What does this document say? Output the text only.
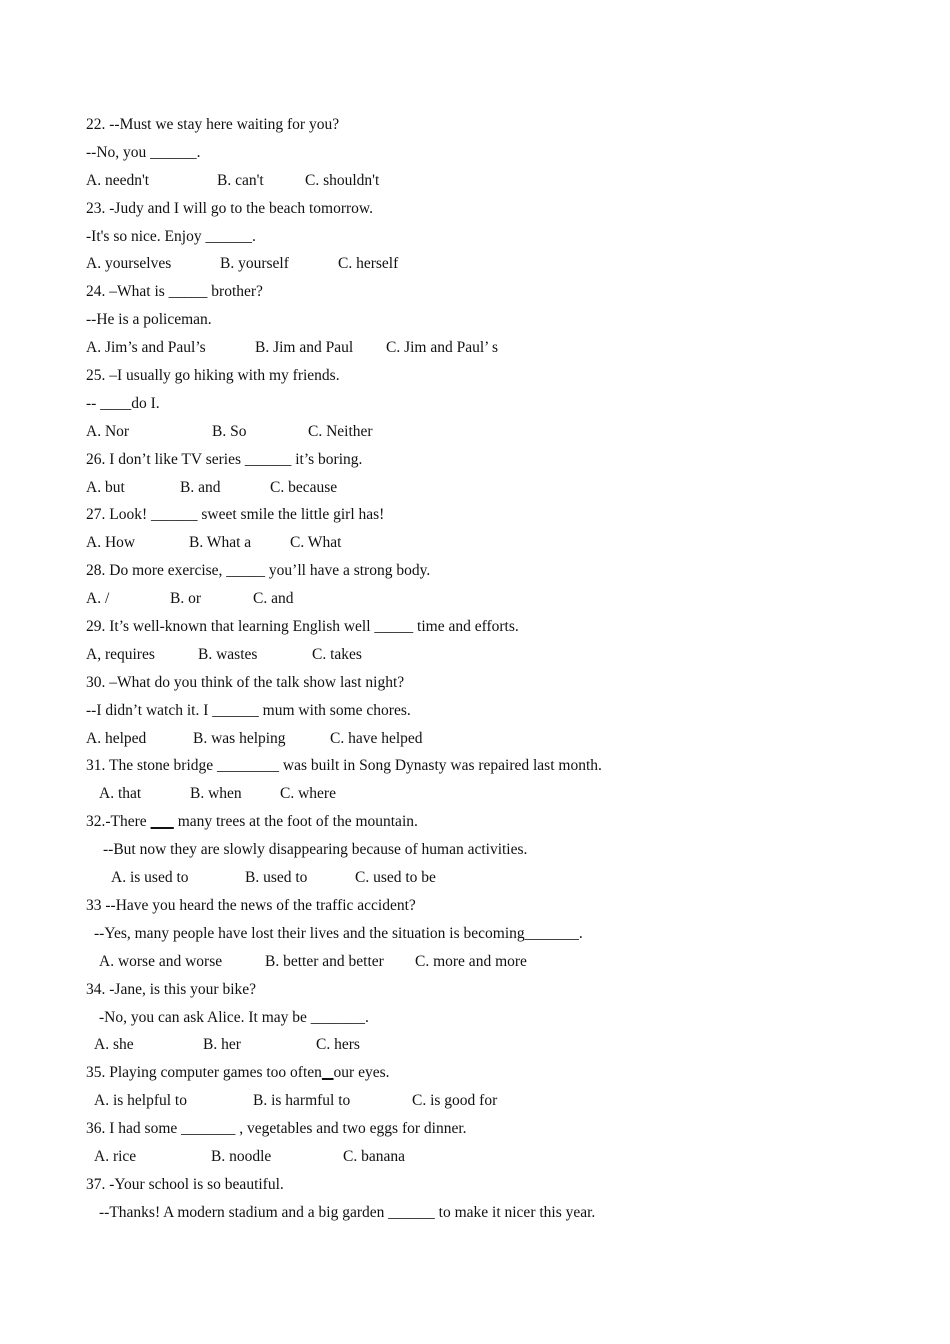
22. --Must we stay here waiting for you?
--No, you ______.
A. needn't	B. can't	C. shouldn't
23. -Judy and I will go to the beach tomorrow.
-It's so nice. Enjoy ______.
A. yourselves	B. yourself	C. herself
24. –What is _____ brother?
--He is a policeman.
A. Jim’s and Paul’s	B. Jim and Paul C. Jim and Paul’ s
25. –I usually go hiking with my friends.
-- ____do I.
A. Nor	B. So	C. Neither
26. I don’t like TV series ______ it’s boring.
A. but	B. and	C. because
27. Look! ______ sweet smile the little girl has!
A. How	B. What a	C. What
28. Do more exercise, _____ you’ll have a strong body.
A. /	B. or	C. and
29. It’s well-known that learning English well _____ time and efforts.
A, requires	B. wastes	C. takes
30. –What do you think of the talk show last night?
--I didn’t watch it. I ______ mum with some chores.
A. helped	B. was helping	C. have helped
31. The stone bridge ________ was built in Song Dynasty was repaired last month.
A. that	B. when C. where
32.-There        many trees at the foot of the mountain.
--But now they are slowly disappearing because of human activities.
A. is used to	B. used to	C. used to be
33 --Have you heard the news of the traffic accident?
--Yes, many people have lost their lives and the situation is becoming_______.
A. worse and worse	B. better and better C. more and more
34. -Jane, is this your bike?
-No, you can ask Alice. It may be _______.
A. she	B. her	C. hers
35. Playing computer games too often our eyes.
A. is helpful to	B. is harmful to	C. is good for
36. I had some _______ , vegetables and two eggs for dinner.
A. rice	B. noodle	C. banana
37. -Your school is so beautiful.
--Thanks! A modern stadium and a big garden ______ to make it nicer this year.
